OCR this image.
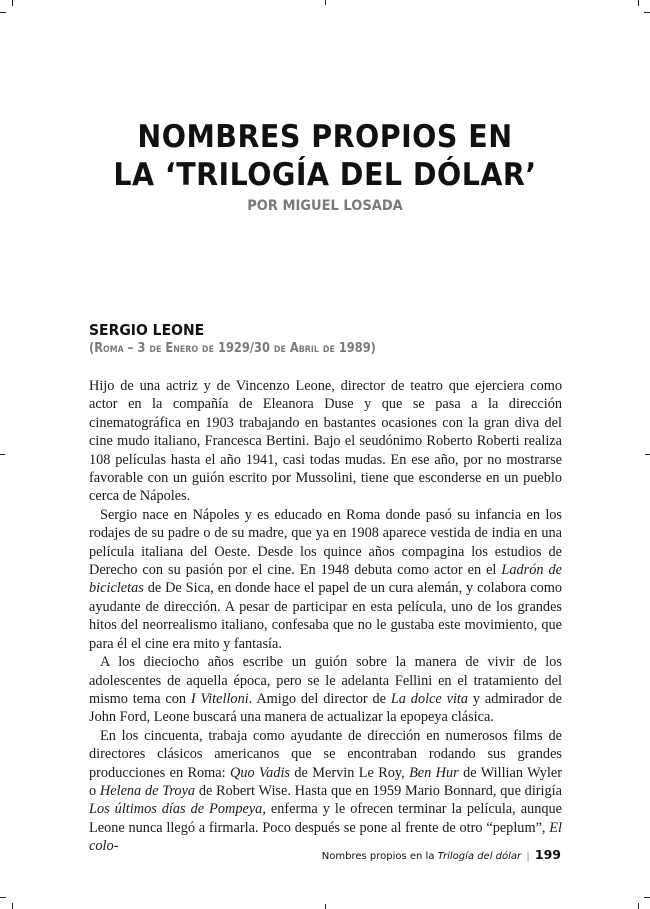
NOMBRES PROPIOS EN
LA ‘TRILOGÍA DEL DÓLAR’
POR MIGUEL LOSADA
SERGIO LEONE
(Roma – 3 de Enero de 1929/30 de Abril de 1989)

Hijo de una actriz y de Vincenzo Leone, director de teatro que ejerciera como actor en la compañía de Eleanora Duse y que se pasa a la dirección cinematográfica en 1903 trabajando en bastantes ocasiones con la gran diva del cine mudo italiano, Francesca Bertini. Bajo el seudónimo Roberto Roberti realiza 108 películas hasta el año 1941, casi todas mudas. En ese año, por no mostrarse favorable con un guión escrito por Mussolini, tiene que esconderse en un pueblo cerca de Nápoles.

Sergio nace en Nápoles y es educado en Roma donde pasó su infancia en los rodajes de su padre o de su madre, que ya en 1908 aparece vestida de india en una película italiana del Oeste. Desde los quince años compagina los estudios de Derecho con su pasión por el cine. En 1948 debuta como actor en el Ladrón de bicicletas de De Sica, en donde hace el papel de un cura alemán, y colabora como ayudante de dirección. A pesar de participar en esta película, uno de los grandes hitos del neorrealismo italiano, confesaba que no le gustaba este movimiento, que para él el cine era mito y fantasía.

A los dieciocho años escribe un guión sobre la manera de vivir de los adolescentes de aquella época, pero se le adelanta Fellini en el tratamiento del mismo tema con I Vitelloni. Amigo del director de La dolce vita y admirador de John Ford, Leone buscará una manera de actualizar la epopeya clásica.

En los cincuenta, trabaja como ayudante de dirección en numerosos films de directores clásicos americanos que se encontraban rodando sus grandes producciones en Roma: Quo Vadis de Mervin Le Roy, Ben Hur de Willian Wyler o Helena de Troya de Robert Wise. Hasta que en 1959 Mario Bonnard, que dirigía Los últimos días de Pompeya, enferma y le ofrecen terminar la película, aunque Leone nunca llegó a firmarla. Poco después se pone al frente de otro “peplum”, El colo-

Nombres propios en la Trilogía del dólar | 199
